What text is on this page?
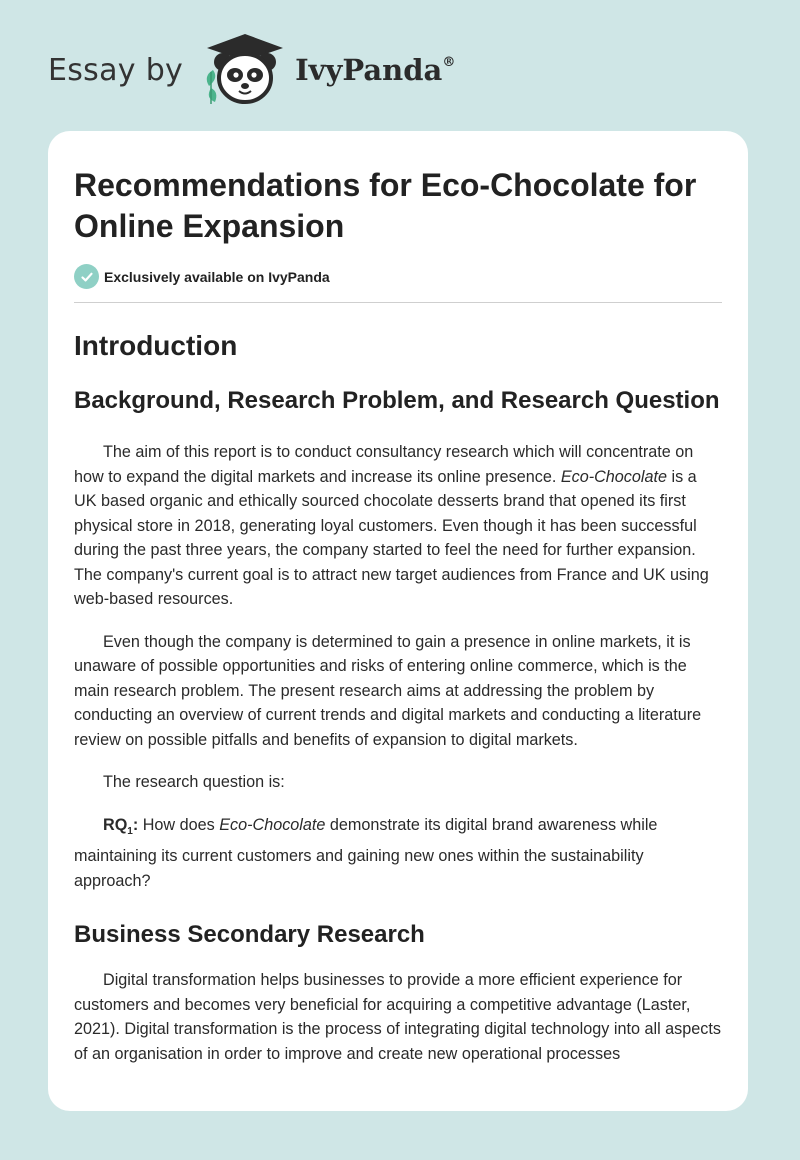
Essay by	IvyPanda®
Recommendations for Eco-Chocolate for Online Expansion
Exclusively available on IvyPanda
Introduction
Background, Research Problem, and Research Question

The aim of this report is to conduct consultancy research which will concentrate on how to expand the digital markets and increase its online presence. Eco-Chocolate is a UK based organic and ethically sourced chocolate desserts brand that opened its first physical store in 2018, generating loyal customers. Even though it has been successful during the past three years, the company started to feel the need for further expansion. The company's current goal is to attract new target audiences from France and UK using web-based resources.

Even though the company is determined to gain a presence in online markets, it is unaware of possible opportunities and risks of entering online commerce, which is the main research problem. The present research aims at addressing the problem by conducting an overview of current trends and digital markets and conducting a literature review on possible pitfalls and benefits of expansion to digital markets.

The research question is:

$RQ_1$: How does Eco-Chocolate demonstrate its digital brand awareness while maintaining its current customers and gaining new ones within the sustainability approach?

Business Secondary Research

Digital transformation helps businesses to provide a more efficient experience for customers and becomes very beneficial for acquiring a competitive advantage (Laster, 2021). Digital transformation is the process of integrating digital technology into all aspects of an organisation in order to improve and create new operational processes
